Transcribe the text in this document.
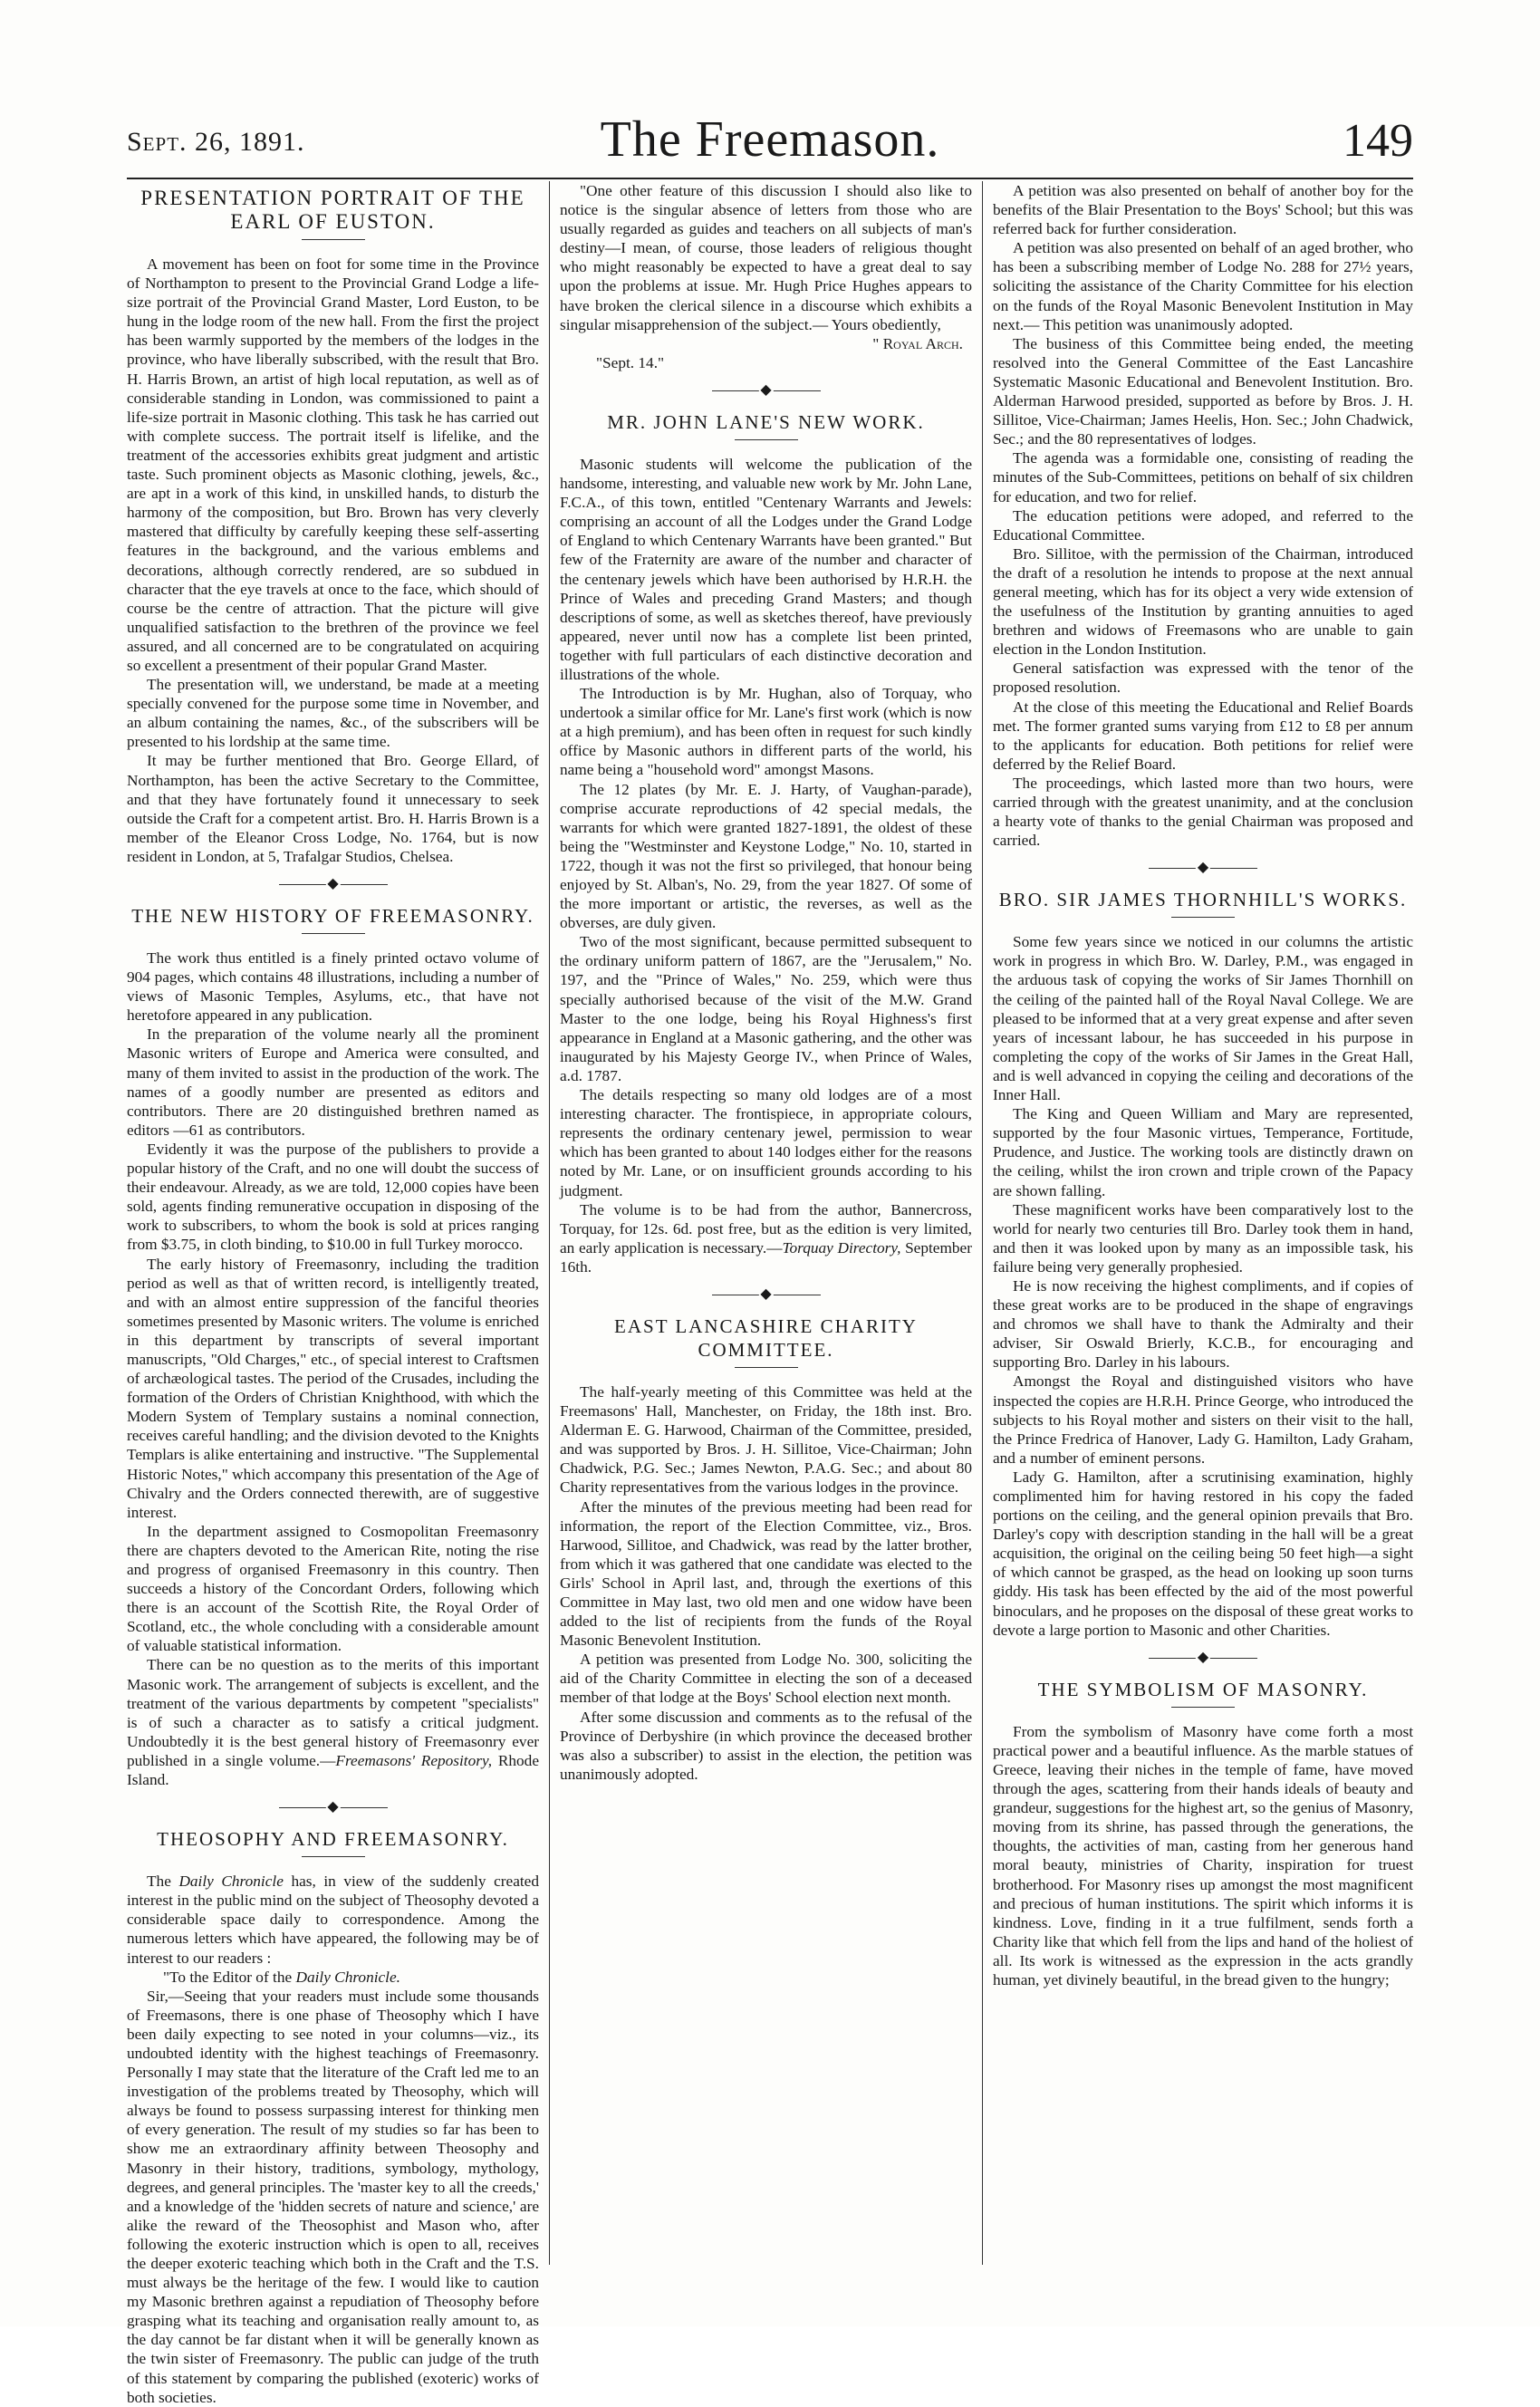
Sept. 26, 1891.	The Freemason.	149
PRESENTATION PORTRAIT OF THE EARL OF EUSTON.

A movement has been on foot for some time in the Province of Northampton to present to the Provincial Grand Lodge a life-size portrait of the Provincial Grand Master, Lord Euston, to be hung in the lodge room of the new hall. From the first the project has been warmly supported by the members of the lodges in the province, who have liberally subscribed, with the result that Bro. H. Harris Brown, an artist of high local reputation, as well as of considerable standing in London, was commissioned to paint a life-size portrait in Masonic clothing. This task he has carried out with complete success. The portrait itself is lifelike, and the treatment of the accessories exhibits great judgment and artistic taste. Such prominent objects as Masonic clothing, jewels, &c., are apt in a work of this kind, in unskilled hands, to disturb the harmony of the composition, but Bro. Brown has very cleverly mastered that difficulty by carefully keeping these self-asserting features in the background, and the various emblems and decorations, although correctly rendered, are so subdued in character that the eye travels at once to the face, which should of course be the centre of attraction. That the picture will give unqualified satisfaction to the brethren of the province we feel assured, and all concerned are to be congratulated on acquiring so excellent a presentment of their popular Grand Master.

The presentation will, we understand, be made at a meeting specially convened for the purpose some time in November, and an album containing the names, &c., of the subscribers will be presented to his lordship at the same time.

It may be further mentioned that Bro. George Ellard, of Northampton, has been the active Secretary to the Committee, and that they have fortunately found it unnecessary to seek outside the Craft for a competent artist. Bro. H. Harris Brown is a member of the Eleanor Cross Lodge, No. 1764, but is now resident in London, at 5, Trafalgar Studios, Chelsea.

◆
THE NEW HISTORY OF FREEMASONRY.

The work thus entitled is a finely printed octavo volume of 904 pages, which contains 48 illustrations, including a number of views of Masonic Temples, Asylums, etc., that have not heretofore appeared in any publication.

In the preparation of the volume nearly all the prominent Masonic writers of Europe and America were consulted, and many of them invited to assist in the production of the work. The names of a goodly number are presented as editors and contributors. There are 20 distinguished brethren named as editors —61 as contributors.

Evidently it was the purpose of the publishers to provide a popular history of the Craft, and no one will doubt the success of their endeavour. Already, as we are told, 12,000 copies have been sold, agents finding remunerative occupation in disposing of the work to subscribers, to whom the book is sold at prices ranging from $3.75, in cloth binding, to $10.00 in full Turkey morocco.

The early history of Freemasonry, including the tradition period as well as that of written record, is intelligently treated, and with an almost entire suppression of the fanciful theories sometimes presented by Masonic writers. The volume is enriched in this department by transcripts of several important manuscripts, "Old Charges," etc., of special interest to Craftsmen of archæological tastes. The period of the Crusades, including the formation of the Orders of Christian Knighthood, with which the Modern System of Templary sustains a nominal connection, receives careful handling; and the division devoted to the Knights Templars is alike entertaining and instructive. "The Supplemental Historic Notes," which accompany this presentation of the Age of Chivalry and the Orders connected therewith, are of suggestive interest.

In the department assigned to Cosmopolitan Freemasonry there are chapters devoted to the American Rite, noting the rise and progress of organised Freemasonry in this country. Then succeeds a history of the Concordant Orders, following which there is an account of the Scottish Rite, the Royal Order of Scotland, etc., the whole concluding with a considerable amount of valuable statistical information.

There can be no question as to the merits of this important Masonic work. The arrangement of subjects is excellent, and the treatment of the various departments by competent "specialists" is of such a character as to satisfy a critical judgment. Undoubtedly it is the best general history of Freemasonry ever published in a single volume.—Freemasons' Repository, Rhode Island.

◆
THEOSOPHY AND FREEMASONRY.

The Daily Chronicle has, in view of the suddenly created interest in the public mind on the subject of Theosophy devoted a considerable space daily to correspondence. Among the numerous letters which have appeared, the following may be of interest to our readers :

"To the Editor of the Daily Chronicle.

Sir,—Seeing that your readers must include some thousands of Freemasons, there is one phase of Theosophy which I have been daily expecting to see noted in your columns—viz., its undoubted identity with the highest teachings of Freemasonry. Personally I may state that the literature of the Craft led me to an investigation of the problems treated by Theosophy, which will always be found to possess surpassing interest for thinking men of every generation. The result of my studies so far has been to show me an extraordinary affinity between Theosophy and Masonry in their history, traditions, symbology, mythology, degrees, and general principles. The 'master key to all the creeds,' and a knowledge of the 'hidden secrets of nature and science,' are alike the reward of the Theosophist and Mason who, after following the exoteric instruction which is open to all, receives the deeper exoteric teaching which both in the Craft and the T.S. must always be the heritage of the few. I would like to caution my Masonic brethren against a repudiation of Theosophy before grasping what its teaching and organisation really amount to, as the day cannot be far distant when it will be generally known as the twin sister of Freemasonry. The public can judge of the truth of this statement by comparing the published (exoteric) works of both societies.

"One other feature of this discussion I should also like to notice is the singular absence of letters from those who are usually regarded as guides and teachers on all subjects of man's destiny—I mean, of course, those leaders of religious thought who might reasonably be expected to have a great deal to say upon the problems at issue. Mr. Hugh Price Hughes appears to have broken the clerical silence in a discourse which exhibits a singular misapprehension of the subject.— Yours obediently,

" Royal Arch.

"Sept. 14."

◆
MR. JOHN LANE'S NEW WORK.

Masonic students will welcome the publication of the handsome, interesting, and valuable new work by Mr. John Lane, F.C.A., of this town, entitled "Centenary Warrants and Jewels: comprising an account of all the Lodges under the Grand Lodge of England to which Centenary Warrants have been granted." But few of the Fraternity are aware of the number and character of the centenary jewels which have been authorised by H.R.H. the Prince of Wales and preceding Grand Masters; and though descriptions of some, as well as sketches thereof, have previously appeared, never until now has a complete list been printed, together with full particulars of each distinctive decoration and illustrations of the whole.

The Introduction is by Mr. Hughan, also of Torquay, who undertook a similar office for Mr. Lane's first work (which is now at a high premium), and has been often in request for such kindly office by Masonic authors in different parts of the world, his name being a "household word" amongst Masons.

The 12 plates (by Mr. E. J. Harty, of Vaughan-parade), comprise accurate reproductions of 42 special medals, the warrants for which were granted 1827-1891, the oldest of these being the "Westminster and Keystone Lodge," No. 10, started in 1722, though it was not the first so privileged, that honour being enjoyed by St. Alban's, No. 29, from the year 1827. Of some of the more important or artistic, the reverses, as well as the obverses, are duly given.

Two of the most significant, because permitted subsequent to the ordinary uniform pattern of 1867, are the "Jerusalem," No. 197, and the "Prince of Wales," No. 259, which were thus specially authorised because of the visit of the M.W. Grand Master to the one lodge, being his Royal Highness's first appearance in England at a Masonic gathering, and the other was inaugurated by his Majesty George IV., when Prince of Wales, a.d. 1787.

The details respecting so many old lodges are of a most interesting character. The frontispiece, in appropriate colours, represents the ordinary centenary jewel, permission to wear which has been granted to about 140 lodges either for the reasons noted by Mr. Lane, or on insufficient grounds according to his judgment.

The volume is to be had from the author, Bannercross, Torquay, for 12s. 6d. post free, but as the edition is very limited, an early application is necessary.—Torquay Directory, September 16th.

◆
EAST LANCASHIRE CHARITY COMMITTEE.

The half-yearly meeting of this Committee was held at the Freemasons' Hall, Manchester, on Friday, the 18th inst. Bro. Alderman E. G. Harwood, Chairman of the Committee, presided, and was supported by Bros. J. H. Sillitoe, Vice-Chairman; John Chadwick, P.G. Sec.; James Newton, P.A.G. Sec.; and about 80 Charity representatives from the various lodges in the province.

After the minutes of the previous meeting had been read for information, the report of the Election Committee, viz., Bros. Harwood, Sillitoe, and Chadwick, was read by the latter brother, from which it was gathered that one candidate was elected to the Girls' School in April last, and, through the exertions of this Committee in May last, two old men and one widow have been added to the list of recipients from the funds of the Royal Masonic Benevolent Institution.

A petition was presented from Lodge No. 300, soliciting the aid of the Charity Committee in electing the son of a deceased member of that lodge at the Boys' School election next month.

After some discussion and comments as to the refusal of the Province of Derbyshire (in which province the deceased brother was also a subscriber) to assist in the election, the petition was unanimously adopted.

A petition was also presented on behalf of another boy for the benefits of the Blair Presentation to the Boys' School; but this was referred back for further consideration.

A petition was also presented on behalf of an aged brother, who has been a subscribing member of Lodge No. 288 for 27½ years, soliciting the assistance of the Charity Committee for his election on the funds of the Royal Masonic Benevolent Institution in May next.— This petition was unanimously adopted.

The business of this Committee being ended, the meeting resolved into the General Committee of the East Lancashire Systematic Masonic Educational and Benevolent Institution. Bro. Alderman Harwood presided, supported as before by Bros. J. H. Sillitoe, Vice-Chairman; James Heelis, Hon. Sec.; John Chadwick, Sec.; and the 80 representatives of lodges.

The agenda was a formidable one, consisting of reading the minutes of the Sub-Committees, petitions on behalf of six children for education, and two for relief.

The education petitions were adoped, and referred to the Educational Committee.

Bro. Sillitoe, with the permission of the Chairman, introduced the draft of a resolution he intends to propose at the next annual general meeting, which has for its object a very wide extension of the usefulness of the Institution by granting annuities to aged brethren and widows of Freemasons who are unable to gain election in the London Institution.

General satisfaction was expressed with the tenor of the proposed resolution.

At the close of this meeting the Educational and Relief Boards met. The former granted sums varying from £12 to £8 per annum to the applicants for education. Both petitions for relief were deferred by the Relief Board.

The proceedings, which lasted more than two hours, were carried through with the greatest unanimity, and at the conclusion a hearty vote of thanks to the genial Chairman was proposed and carried.

◆
BRO. SIR JAMES THORNHILL'S WORKS.

Some few years since we noticed in our columns the artistic work in progress in which Bro. W. Darley, P.M., was engaged in the arduous task of copying the works of Sir James Thornhill on the ceiling of the painted hall of the Royal Naval College. We are pleased to be informed that at a very great expense and after seven years of incessant labour, he has succeeded in his purpose in completing the copy of the works of Sir James in the Great Hall, and is well advanced in copying the ceiling and decorations of the Inner Hall.

The King and Queen William and Mary are represented, supported by the four Masonic virtues, Temperance, Fortitude, Prudence, and Justice. The working tools are distinctly drawn on the ceiling, whilst the iron crown and triple crown of the Papacy are shown falling.

These magnificent works have been comparatively lost to the world for nearly two centuries till Bro. Darley took them in hand, and then it was looked upon by many as an impossible task, his failure being very generally prophesied.

He is now receiving the highest compliments, and if copies of these great works are to be produced in the shape of engravings and chromos we shall have to thank the Admiralty and their adviser, Sir Oswald Brierly, K.C.B., for encouraging and supporting Bro. Darley in his labours.

Amongst the Royal and distinguished visitors who have inspected the copies are H.R.H. Prince George, who introduced the subjects to his Royal mother and sisters on their visit to the hall, the Prince Fredrica of Hanover, Lady G. Hamilton, Lady Graham, and a number of eminent persons.

Lady G. Hamilton, after a scrutinising examination, highly complimented him for having restored in his copy the faded portions on the ceiling, and the general opinion prevails that Bro. Darley's copy with description standing in the hall will be a great acquisition, the original on the ceiling being 50 feet high—a sight of which cannot be grasped, as the head on looking up soon turns giddy. His task has been effected by the aid of the most powerful binoculars, and he proposes on the disposal of these great works to devote a large portion to Masonic and other Charities.

◆
THE SYMBOLISM OF MASONRY.

From the symbolism of Masonry have come forth a most practical power and a beautiful influence. As the marble statues of Greece, leaving their niches in the temple of fame, have moved through the ages, scattering from their hands ideals of beauty and grandeur, suggestions for the highest art, so the genius of Masonry, moving from its shrine, has passed through the generations, the thoughts, the activities of man, casting from her generous hand moral beauty, ministries of Charity, inspiration for truest brotherhood. For Masonry rises up amongst the most magnificent and precious of human institutions. The spirit which informs it is kindness. Love, finding in it a true fulfilment, sends forth a Charity like that which fell from the lips and hand of the holiest of all. Its work is witnessed as the expression in the acts grandly human, yet divinely beautiful, in the bread given to the hungry;
